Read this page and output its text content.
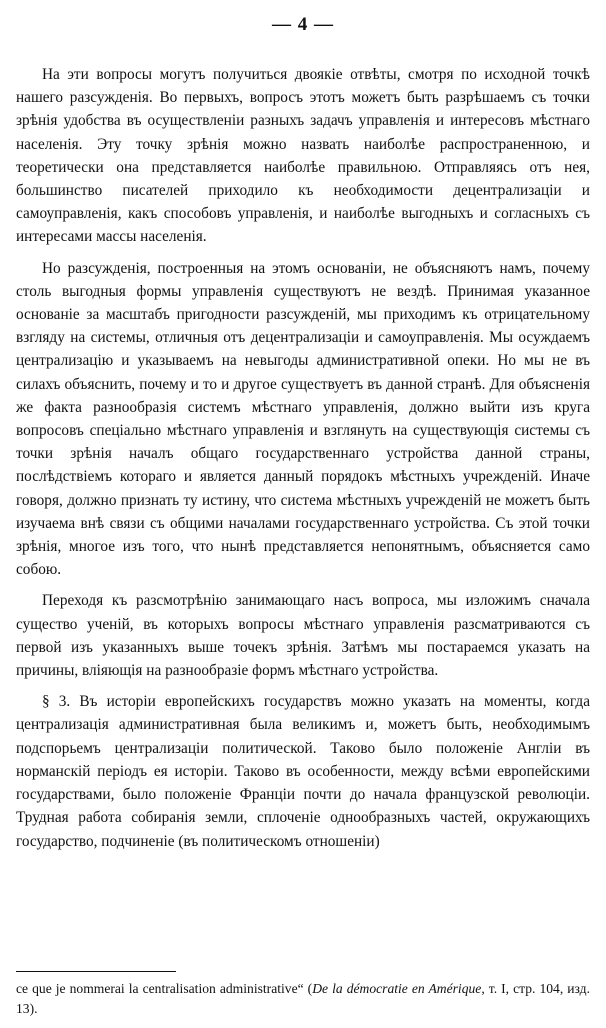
— 4 —

На эти вопросы могутъ получиться двоякіе отвѣты, смотря по исходной точкѣ нашего разсужденія. Во первыхъ, вопросъ этотъ можетъ быть разрѣшаемъ съ точки зрѣнія удобства въ осуществленіи разныхъ задачъ управленія и интересовъ мѣстнаго населенія. Эту точку зрѣнія можно назвать наиболѣе распространенною, и теоретически она представляется наиболѣе правильною. Отправляясь отъ нея, большинство писателей приходило къ необходимости децентрализаціи и самоуправленія, какъ способовъ управленія, и наиболѣе выгодныхъ и согласныхъ съ интересами массы населенія.

Но разсужденія, построенныя на этомъ основаніи, не объясняютъ намъ, почему столь выгодныя формы управленія существуютъ не вездѣ. Принимая указанное основаніе за масштабъ пригодности разсужденій, мы приходимъ къ отрицательному взгляду на системы, отличныя отъ децентрализаціи и самоуправленія. Мы осуждаемъ централизацію и указываемъ на невыгоды административной опеки. Но мы не въ силахъ объяснить, почему и то и другое существуетъ въ данной странѣ. Для объясненія же факта разнообразія системъ мѣстнаго управленія, должно выйти изъ круга вопросовъ спеціально мѣстнаго управленія и взглянуть на существующія системы съ точки зрѣнія началъ общаго государственнаго устройства данной страны, послѣдствіемъ котораго и является данный порядокъ мѣстныхъ учрежденій. Иначе говоря, должно признать ту истину, что система мѣстныхъ учрежденій не можетъ быть изучаема внѣ связи съ общими началами государственнаго устройства. Съ этой точки зрѣнія, многое изъ того, что нынѣ представляется непонятнымъ, объясняется само собою.

Переходя къ разсмотрѣнію занимающаго насъ вопроса, мы изложимъ сначала существо ученій, въ которыхъ вопросы мѣстнаго управленія разсматриваются съ первой изъ указанныхъ выше точекъ зрѣнія. Затѣмъ мы постараемся указать на причины, вліяющія на разнообразіе формъ мѣстнаго устройства.

§ 3. Въ исторіи европейскихъ государствъ можно указать на моменты, когда централизація административная была великимъ и, можетъ быть, необходимымъ подспорьемъ централизаціи политической. Таково было положеніе Англіи въ норманскій періодъ ея исторіи. Таково въ особенности, между всѣми европейскими государствами, было положеніе Франціи почти до начала французской революціи. Трудная работа собиранія земли, сплоченіе однообразныхъ частей, окружающихъ государство, подчиненіе (въ политическомъ отношеніи)

ce que je nommerai la centralisation administrative“ (De la démocratie en Amérique, т. I, стр. 104, изд. 13).
